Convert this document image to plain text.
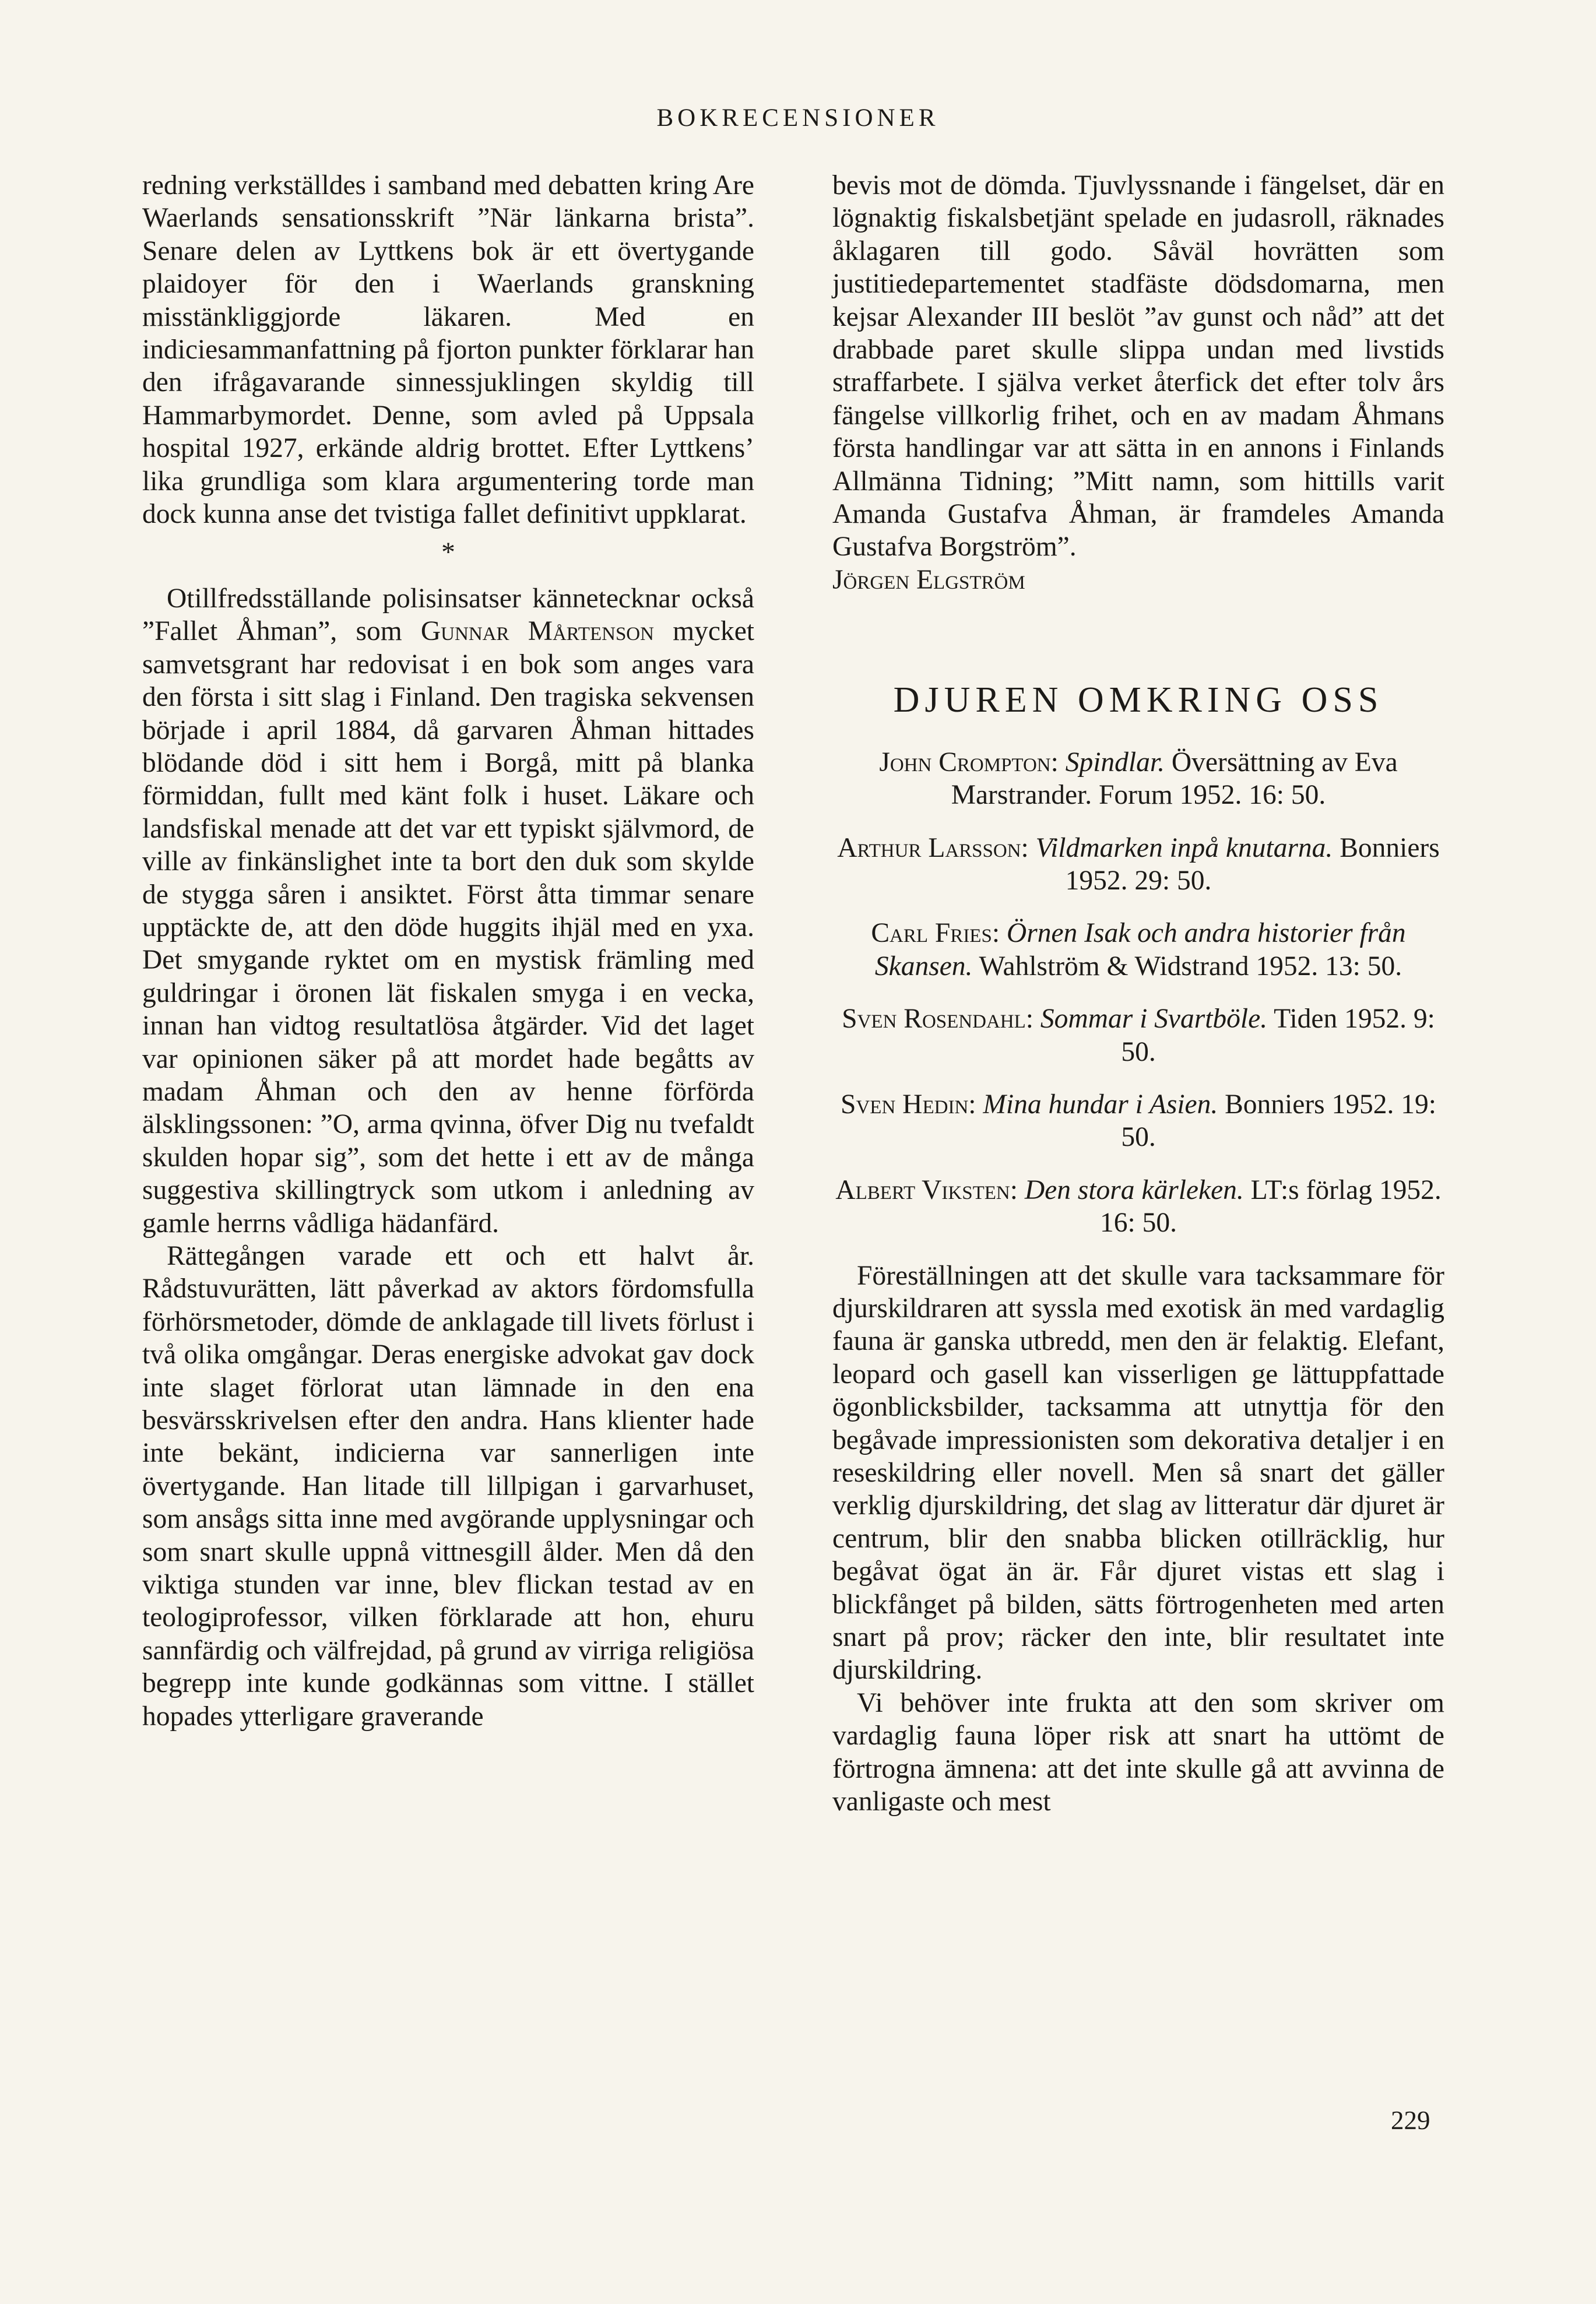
BOKRECENSIONER

redning verkställdes i samband med debatten kring Are Waerlands sensationsskrift ”När länkarna brista”. Senare delen av Lyttkens bok är ett övertygande plaidoyer för den i Waerlands granskning misstänkliggjorde läkaren. Med en indiciesammanfattning på fjorton punkter förklarar han den ifrågavarande sinnessjuklingen skyldig till Hammarbymordet. Denne, som avled på Uppsala hospital 1927, erkände aldrig brottet. Efter Lyttkens’ lika grundliga som klara argumentering torde man dock kunna anse det tvistiga fallet definitivt uppklarat.

*

Otillfredsställande polisinsatser kännetecknar också ”Fallet Åhman”, som Gunnar Mårtenson mycket samvetsgrant har redovisat i en bok som anges vara den första i sitt slag i Finland. Den tragiska sekvensen började i april 1884, då garvaren Åhman hittades blödande död i sitt hem i Borgå, mitt på blanka förmiddan, fullt med känt folk i huset. Läkare och landsfiskal menade att det var ett typiskt självmord, de ville av finkänslighet inte ta bort den duk som skylde de stygga såren i ansiktet. Först åtta timmar senare upptäckte de, att den döde huggits ihjäl med en yxa. Det smygande ryktet om en mystisk främling med guldringar i öronen lät fiskalen smyga i en vecka, innan han vidtog resultatlösa åtgärder. Vid det laget var opinionen säker på att mordet hade begåtts av madam Åhman och den av henne förförda älsklingssonen: ”O, arma qvinna, öfver Dig nu tvefaldt skulden hopar sig”, som det hette i ett av de många suggestiva skillingtryck som utkom i anledning av gamle herrns vådliga hädanfärd.

Rättegången varade ett och ett halvt år. Rådstuvurätten, lätt påverkad av aktors fördomsfulla förhörsmetoder, dömde de anklagade till livets förlust i två olika omgångar. Deras energiske advokat gav dock inte slaget förlorat utan lämnade in den ena besvärsskrivelsen efter den andra. Hans klienter hade inte bekänt, indicierna var sannerligen inte övertygande. Han litade till lillpigan i garvarhuset, som ansågs sitta inne med avgörande upplysningar och som snart skulle uppnå vittnesgill ålder. Men då den viktiga stunden var inne, blev flickan testad av en teologiprofessor, vilken förklarade att hon, ehuru sannfärdig och välfrejdad, på grund av virriga religiösa begrepp inte kunde godkännas som vittne. I stället hopades ytterligare graverande

bevis mot de dömda. Tjuvlyssnande i fängelset, där en lögnaktig fiskalsbetjänt spelade en judasroll, räknades åklagaren till godo. Såväl hovrätten som justitiedepartementet stadfäste dödsdomarna, men kejsar Alexander III beslöt ”av gunst och nåd” att det drabbade paret skulle slippa undan med livstids straffarbete. I själva verket återfick det efter tolv års fängelse villkorlig frihet, och en av madam Åhmans första handlingar var att sätta in en annons i Finlands Allmänna Tidning; ”Mitt namn, som hittills varit Amanda Gustafva Åhman, är framdeles Amanda Gustafva Borgström”.

Jörgen Elgström

DJUREN OMKRING OSS
John Crompton: Spindlar. Översättning av Eva Marstrander. Forum 1952. 16: 50.
Arthur Larsson: Vildmarken inpå knutarna. Bonniers 1952. 29: 50.
Carl Fries: Örnen Isak och andra historier från Skansen. Wahlström & Widstrand 1952. 13: 50.
Sven Rosendahl: Sommar i Svartböle. Tiden 1952. 9: 50.
Sven Hedin: Mina hundar i Asien. Bonniers 1952. 19: 50.
Albert Viksten: Den stora kärleken. LT:s förlag 1952. 16: 50.

Föreställningen att det skulle vara tacksammare för djurskildraren att syssla med exotisk än med vardaglig fauna är ganska utbredd, men den är felaktig. Elefant, leopard och gasell kan visserligen ge lättuppfattade ögonblicksbilder, tacksamma att utnyttja för den begåvade impressionisten som dekorativa detaljer i en reseskildring eller novell. Men så snart det gäller verklig djurskildring, det slag av litteratur där djuret är centrum, blir den snabba blicken otillräcklig, hur begåvat ögat än är. Får djuret vistas ett slag i blickfånget på bilden, sätts förtrogenheten med arten snart på prov; räcker den inte, blir resultatet inte djurskildring.

Vi behöver inte frukta att den som skriver om vardaglig fauna löper risk att snart ha uttömt de förtrogna ämnena: att det inte skulle gå att avvinna de vanligaste och mest

229
